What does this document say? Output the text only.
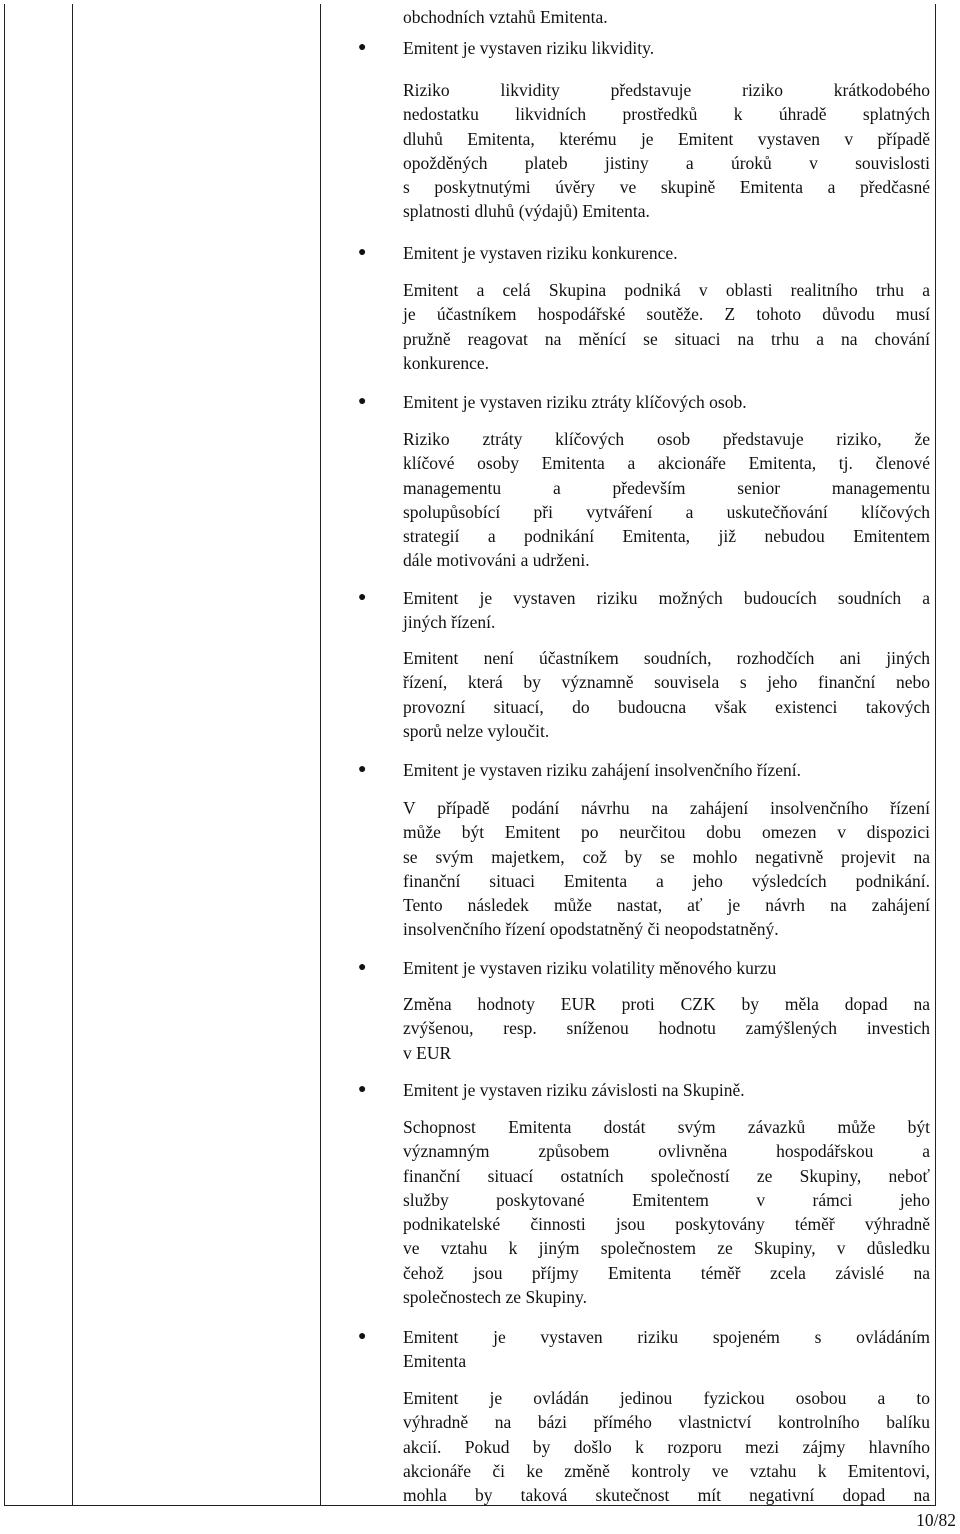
obchodních vztahů Emitenta.
●	Emitent je vystaven riziku likvidity.
Riziko likvidity představuje riziko krátkodobého
nedostatku likvidních prostředků k úhradě splatných
dluhů Emitenta, kterému je Emitent vystaven v případě
opožděných plateb jistiny a úroků v souvislosti
s poskytnutými úvěry ve skupině Emitenta a předčasné
splatnosti dluhů (výdajů) Emitenta.
●	Emitent je vystaven riziku konkurence.
Emitent a celá Skupina podniká v oblasti realitního trhu a
je účastníkem hospodářské soutěže. Z tohoto důvodu musí
pružně reagovat na měnící se situaci na trhu a na chování
konkurence.
●	Emitent je vystaven riziku ztráty klíčových osob.
Riziko ztráty klíčových osob představuje riziko, že
klíčové osoby Emitenta a akcionáře Emitenta, tj. členové
managementu a především senior managementu
spolupůsobící při vytváření a uskutečňování klíčových
strategií a podnikání Emitenta, již nebudou Emitentem
dále motivováni a udrženi.
●	Emitent je vystaven riziku možných budoucích soudních a
jiných řízení.
Emitent není účastníkem soudních, rozhodčích ani jiných
řízení, která by významně souvisela s jeho finanční nebo
provozní situací, do budoucna však existenci takových
sporů nelze vyloučit.
●	Emitent je vystaven riziku zahájení insolvenčního řízení.
V případě podání návrhu na zahájení insolvenčního řízení
může být Emitent po neurčitou dobu omezen v dispozici
se svým majetkem, což by se mohlo negativně projevit na
finanční situaci Emitenta a jeho výsledcích podnikání.
Tento následek může nastat, ať je návrh na zahájení
insolvenčního řízení opodstatněný či neopodstatněný.
●	Emitent je vystaven riziku volatility měnového kurzu
Změna hodnoty EUR proti CZK by měla dopad na
zvýšenou, resp. sníženou hodnotu zamýšlených investich
v EUR
●	Emitent je vystaven riziku závislosti na Skupině.
Schopnost Emitenta dostát svým závazků může být
významným způsobem ovlivněna hospodářskou a
finanční situací ostatních společností ze Skupiny, neboť
služby poskytované Emitentem v rámci jeho
podnikatelské činnosti jsou poskytovány téměř výhradně
ve vztahu k jiným společnostem ze Skupiny, v důsledku
čehož jsou příjmy Emitenta téměř zcela závislé na
společnostech ze Skupiny.
●	Emitent je vystaven riziku spojeném s ovládáním
Emitenta
Emitent je ovládán jedinou fyzickou osobou a to
výhradně na bázi přímého vlastnictví kontrolního balíku
akcií. Pokud by došlo k rozporu mezi zájmy hlavního
akcionáře či ke změně kontroly ve vztahu k Emitentovi,
mohla by taková skutečnost mít negativní dopad na
10/82
